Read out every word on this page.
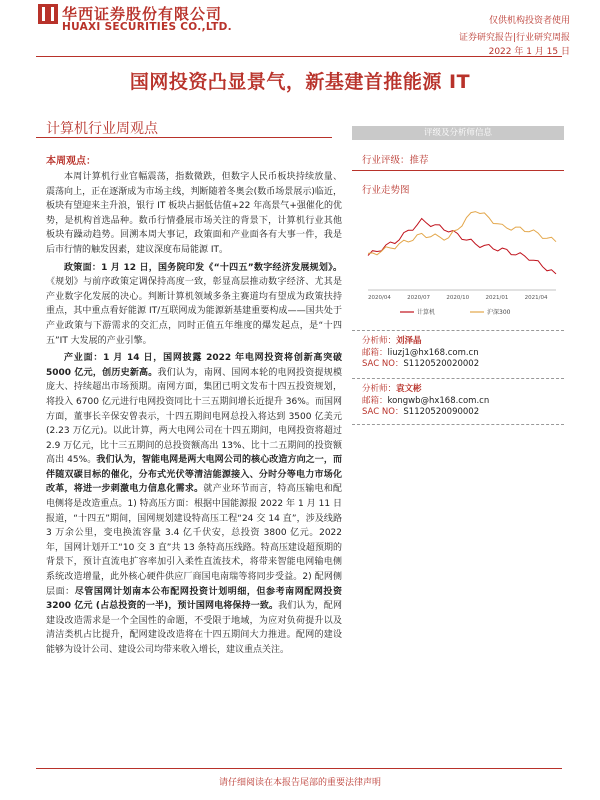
华西证券股份有限公司
HUAXI SECURITIES CO.,LTD.	仅供机构投资者使用
证券研究报告|行业研究周报
2022 年 1 月 15 日
国网投资凸显景气，新基建首推能源 IT
计算机行业周观点	评级及分析师信息
行业评级：推荐
行业走势图
2020/04	2020/07	2020/10	2021/01	2021/04
计算机	沪深300
分析师：刘泽晶
邮箱：liuzj1@hx168.com.cn
SAC NO：S1120520020002
分析师：袁文彬
邮箱：kongwb@hx168.com.cn
SAC NO：S1120520090002
本周观点：

本周计算机行业官幅震荡，指数微跌，但数字人民币板块持续放量、震荡向上，正在逐渐成为市场主线，判断随着冬奥会(数币场景展示)临近，板块有望迎来主升浪，银行 IT 板块占据低估值+22 年高景气+强催化的优势，是机构首选品种。数币行情叠展市场关注的背景下，计算机行业其他板块有躁动趋势。回溯本周大事记，政策面和产业面各有大事一件，我是后市行情的触发因素，建议深度布局能源 IT。

政策面：1 月 12 日，国务院印发《“十四五”数字经济发展规划》。《规划》与前序政策定调保持高度一致，彰显高层推动数字经济、尤其是产业数字化发展的决心。判断计算机领域多条主赛道均有望成为政策扶持重点，其中重点看好能源 IT/互联网成为能源新基建重要构成——国共处于产业政策与下游需求的交汇点，同时正值五年维度的爆发起点，是“十四五”IT 大发展的产业引擎。

产业面：1 月 14 日，国网披露 2022 年电网投资将创新高突破 5000 亿元，创历史新高。我们认为，南网、国网本轮的电网投资提规模庞大、持续超出市场预期。南网方面，集团已明文发布十四五投资规划，将投入 6700 亿元进行电网投资同比十三五期间增长近提升 36%。而国网方面，董事长辛保安曾表示，十四五期间电网总投入将达到 3500 亿美元 (2.23 万亿元)。以此计算，两大电网公司在十四五期间，电网投资将超过 2.9 万亿元，比十三五期间的总投资额高出 13%、比十二五期间的投资额高出 45%。我们认为，智能电网是两大电网公司的核心改造方向之一，而伴随双碳目标的催化，分布式光伏等清洁能源接入、分时分等电力市场化改革，将进一步刺激电力信息化需求。就产业环节而言，特高压输电和配电侧将是改造重点。1) 特高压方面：根据中国能源报 2022 年 1 月 11 日报道，“十四五”期间，国网规划建设特高压工程“24 交 14 直”，涉及线路 3 万余公里，变电换流容量 3.4 亿千伏安，总投资 3800 亿元。2022 年，国网计划开工“10 交 3 直”共 13 条特高压线路。特高压建设超预期的背景下，预计直流电扩容率加引入柔性直流技术，将带来智能电网输电侧系统改造增量，此外核心硬件供应厂商国电南瑞等将同步受益。2) 配网侧层面：尽管国网计划南本公布配网投资计划明细，但参考南网配网投资 3200 亿元 (占总投资的一半)，预计国网电将保持一致。我们认为，配网建设改造需求是一个全国性的命题，不受限于地域，为应对负荷提升以及清洁类机占比提升，配网建设改造将在十四五期间大力推进。配网的建设能够为设计公司、建设公司均带来收入增长，建议重点关注。

请仔细阅读在本报告尾部的重要法律声明
